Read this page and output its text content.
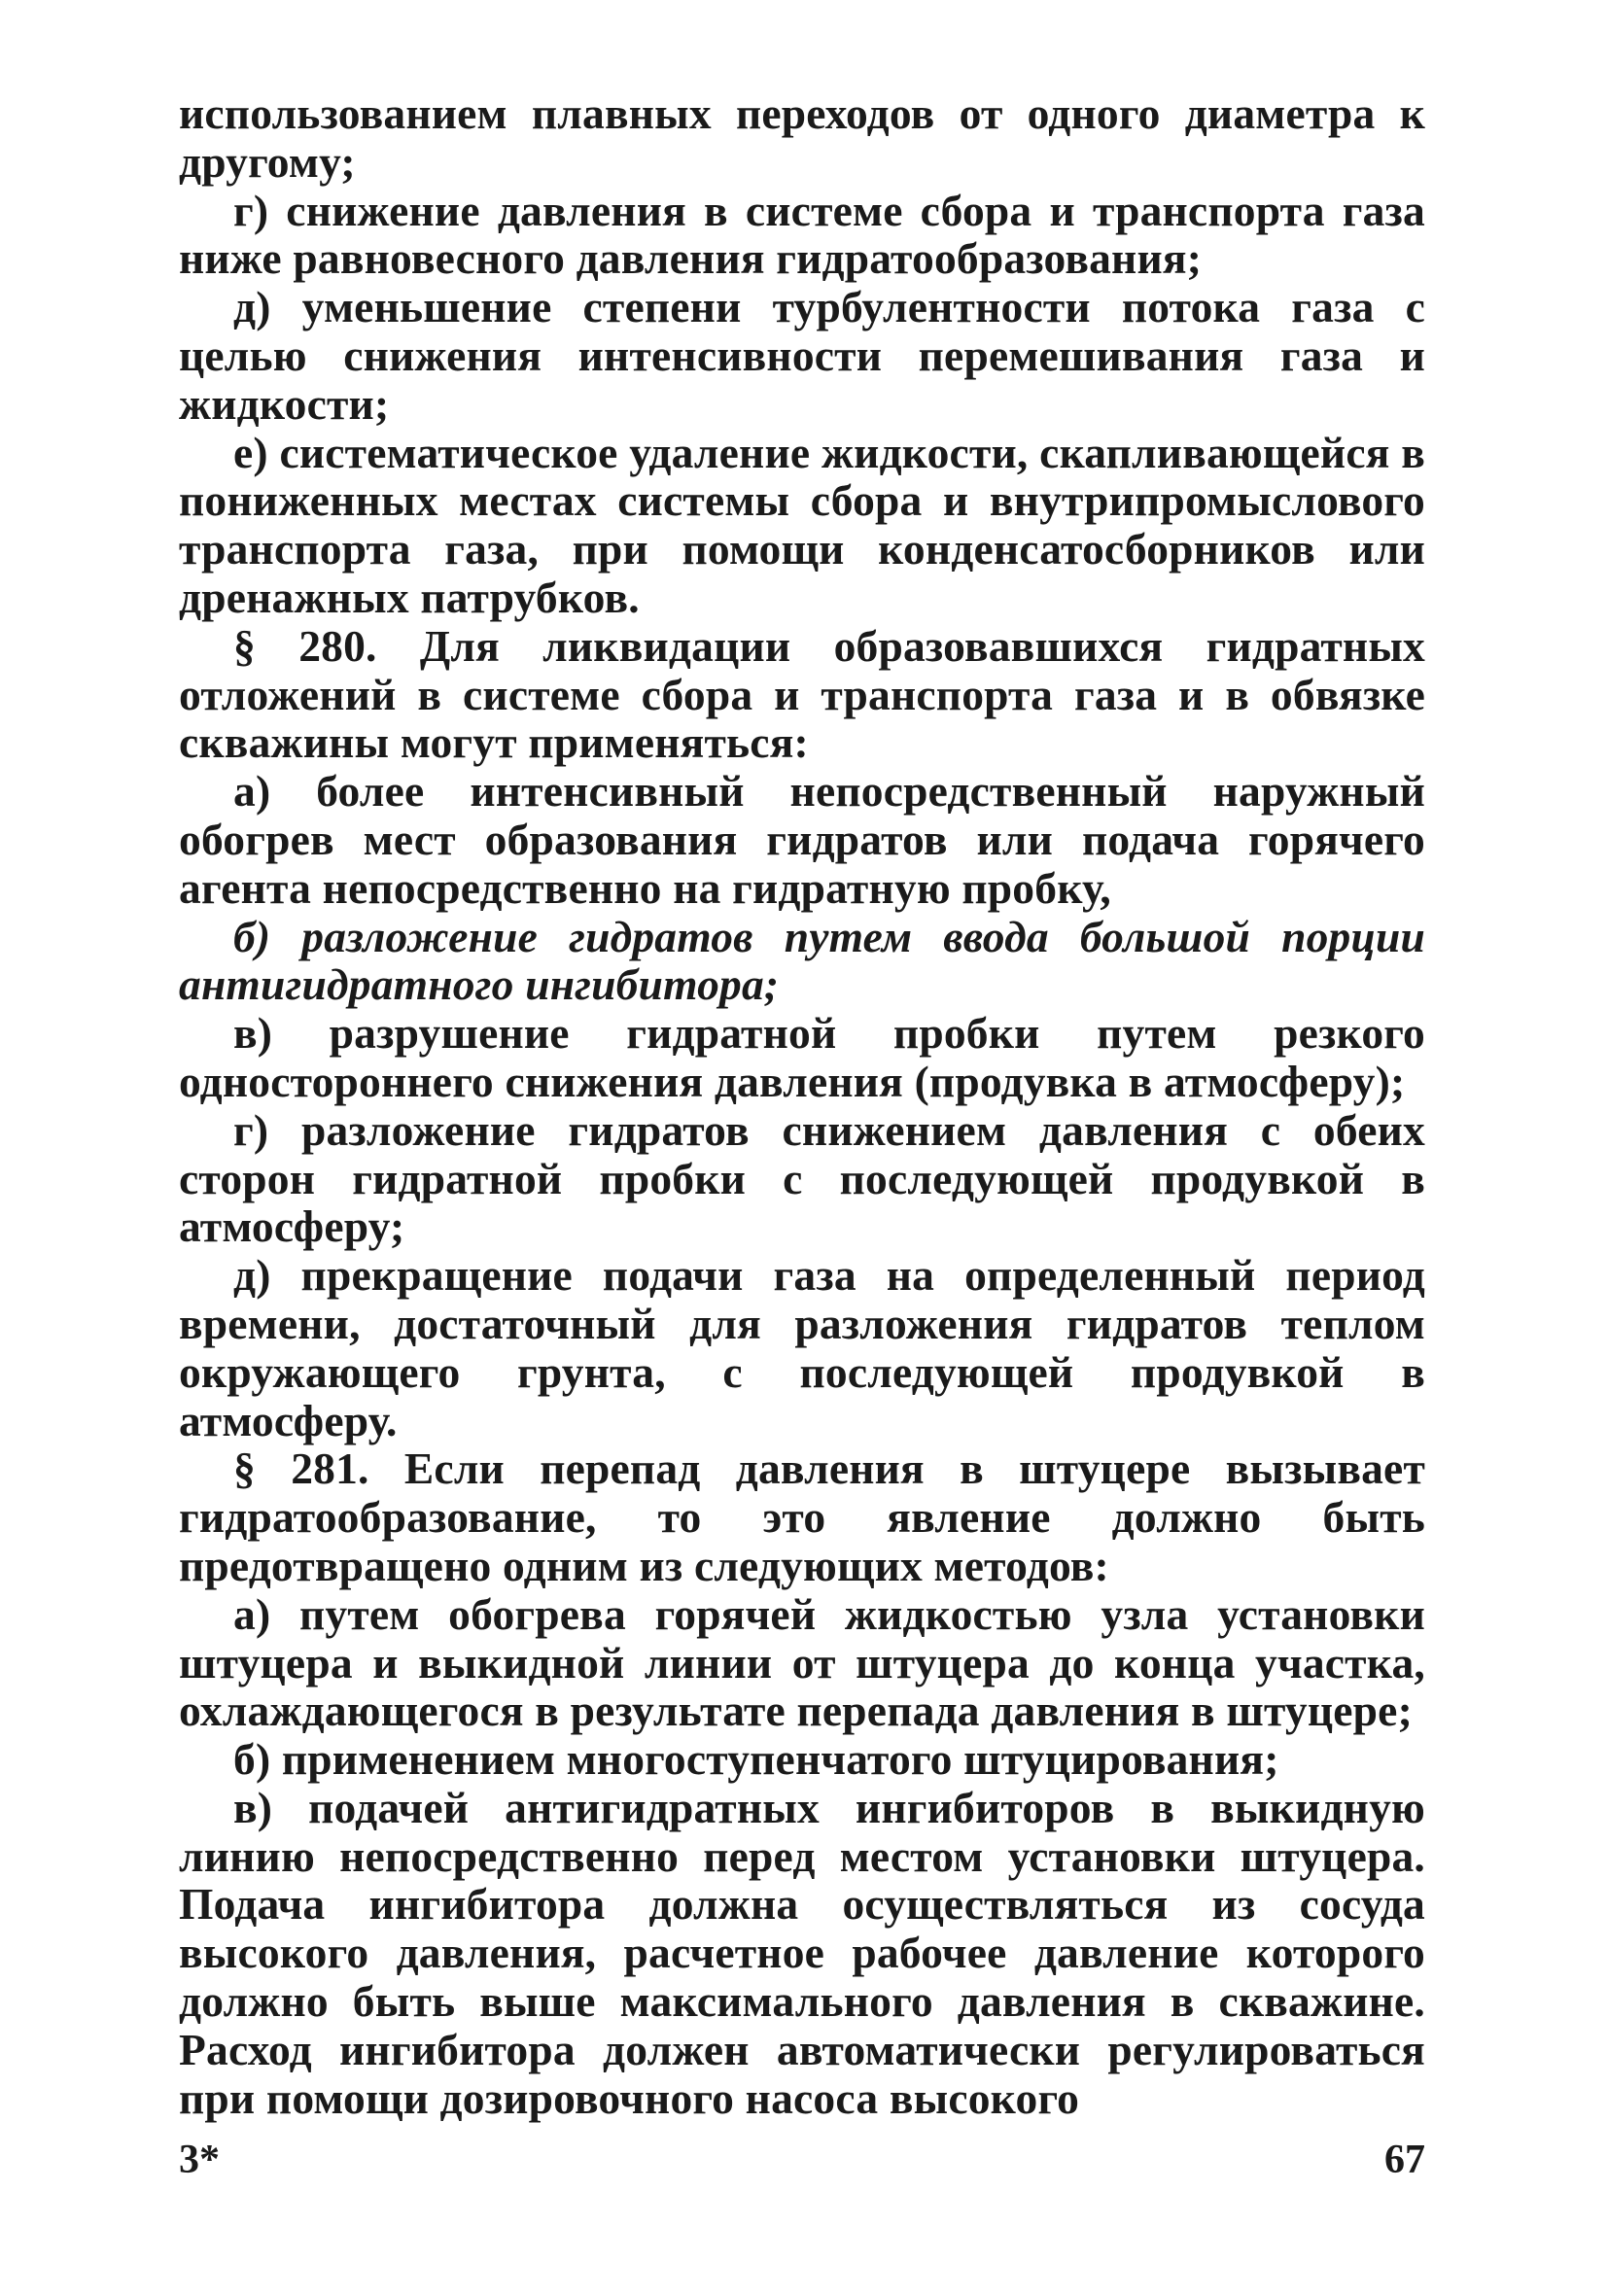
использованием плавных переходов от одного диаметра к другому;

г) снижение давления в системе сбора и транспорта газа ниже равновесного давления гидратообразования;

д) уменьшение степени турбулентности потока газа с целью снижения интенсивности перемешивания газа и жидкости;

е) систематическое удаление жидкости, скапливающейся в пониженных местах системы сбора и внутрипромыслового транспорта газа, при помощи конденсатосборников или дренажных патрубков.

§ 280. Для ликвидации образовавшихся гидратных отложений в системе сбора и транспорта газа и в обвязке скважины могут применяться:

а) более интенсивный непосредственный наружный обогрев мест образования гидратов или подача горячего агента непосредственно на гидратную пробку,

б) разложение гидратов путем ввода большой порции антигидратного ингибитора;

в) разрушение гидратной пробки путем резкого одностороннего снижения давления (продувка в атмосферу);

г) разложение гидратов снижением давления с обеих сторон гидратной пробки с последующей продувкой в атмосферу;

д) прекращение подачи газа на определенный период времени, достаточный для разложения гидратов теплом окружающего грунта, с последующей продувкой в атмосферу.

§ 281. Если перепад давления в штуцере вызывает гидратообразование, то это явление должно быть предотвращено одним из следующих методов:

а) путем обогрева горячей жидкостью узла установки штуцера и выкидной линии от штуцера до конца участка, охлаждающегося в результате перепада давления в штуцере;

б) применением многоступенчатого штуцирования;

в) подачей антигидратных ингибиторов в выкидную линию непосредственно перед местом установки штуцера. Подача ингибитора должна осуществляться из сосуда высокого давления, расчетное рабочее давление которого должно быть выше максимального давления в скважине. Расход ингибитора должен автоматически регулироваться при помощи дозировочного насоса высокого

3*	67
